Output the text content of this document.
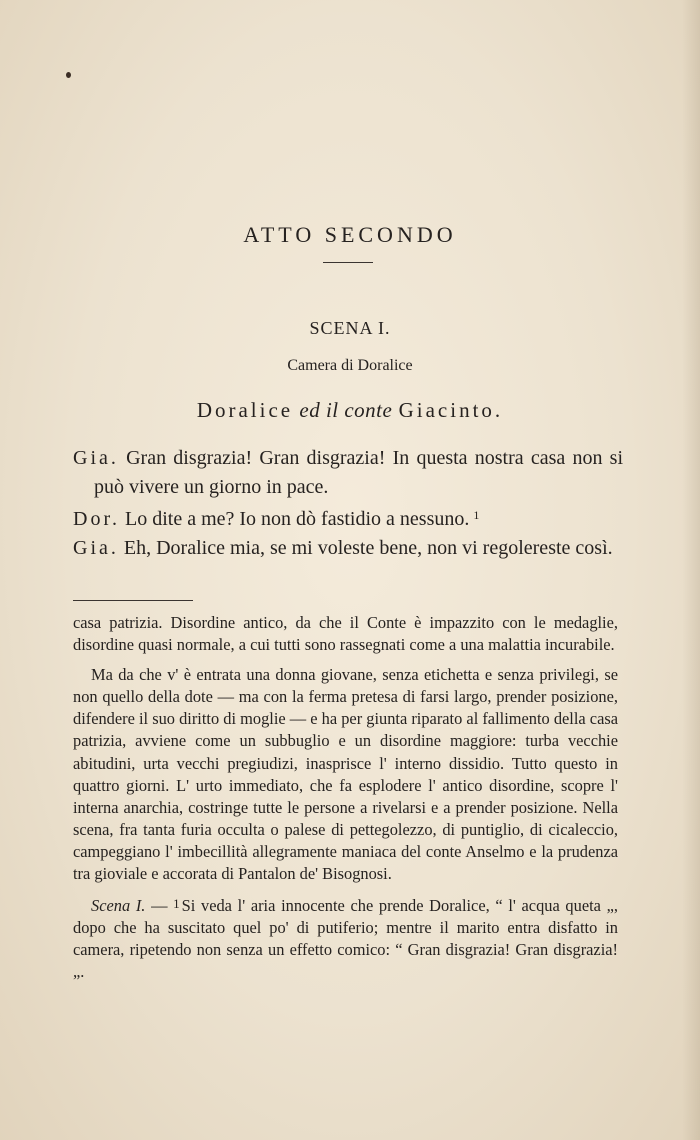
ATTO SECONDO
SCENA I.
Camera di Doralice
Doralice ed il conte Giacinto.

Gia. Gran disgrazia! Gran disgrazia! In questa nostra casa non si può vivere un giorno in pace.

Dor. Lo dite a me? Io non dò fastidio a nessuno. $^1$

Gia. Eh, Doralice mia, se mi voleste bene, non vi regolereste così.

casa patrizia. Disordine antico, da che il Conte è impazzito con le medaglie, disordine quasi normale, a cui tutti sono rassegnati come a una malattia incurabile.

Ma da che v' è entrata una donna giovane, senza etichetta e senza privilegi, se non quello della dote — ma con la ferma pretesa di farsi largo, prender posizione, difendere il suo diritto di moglie — e ha per giunta riparato al fallimento della casa patrizia, avviene come un subbuglio e un disordine maggiore: turba vecchie abitudini, urta vecchi pregiudizi, inasprisce l' interno dissidio. Tutto questo in quattro giorni. L' urto immediato, che fa esplodere l' antico disordine, scopre l' interna anarchia, costringe tutte le persone a rivelarsi e a prender posizione. Nella scena, fra tanta furia occulta o palese di pettegolezzo, di puntiglio, di cicaleccio, campeggiano l' imbecillità allegramente maniaca del conte Anselmo e la prudenza tra gioviale e accorata di Pantalon de' Bisognosi.

Scena I. — 1 Si veda l' aria innocente che prende Doralice, “ l' acqua queta „, dopo che ha suscitato quel po' di putiferio; mentre il marito entra disfatto in camera, ripetendo non senza un effetto comico: “ Gran disgrazia! Gran disgrazia! „.
